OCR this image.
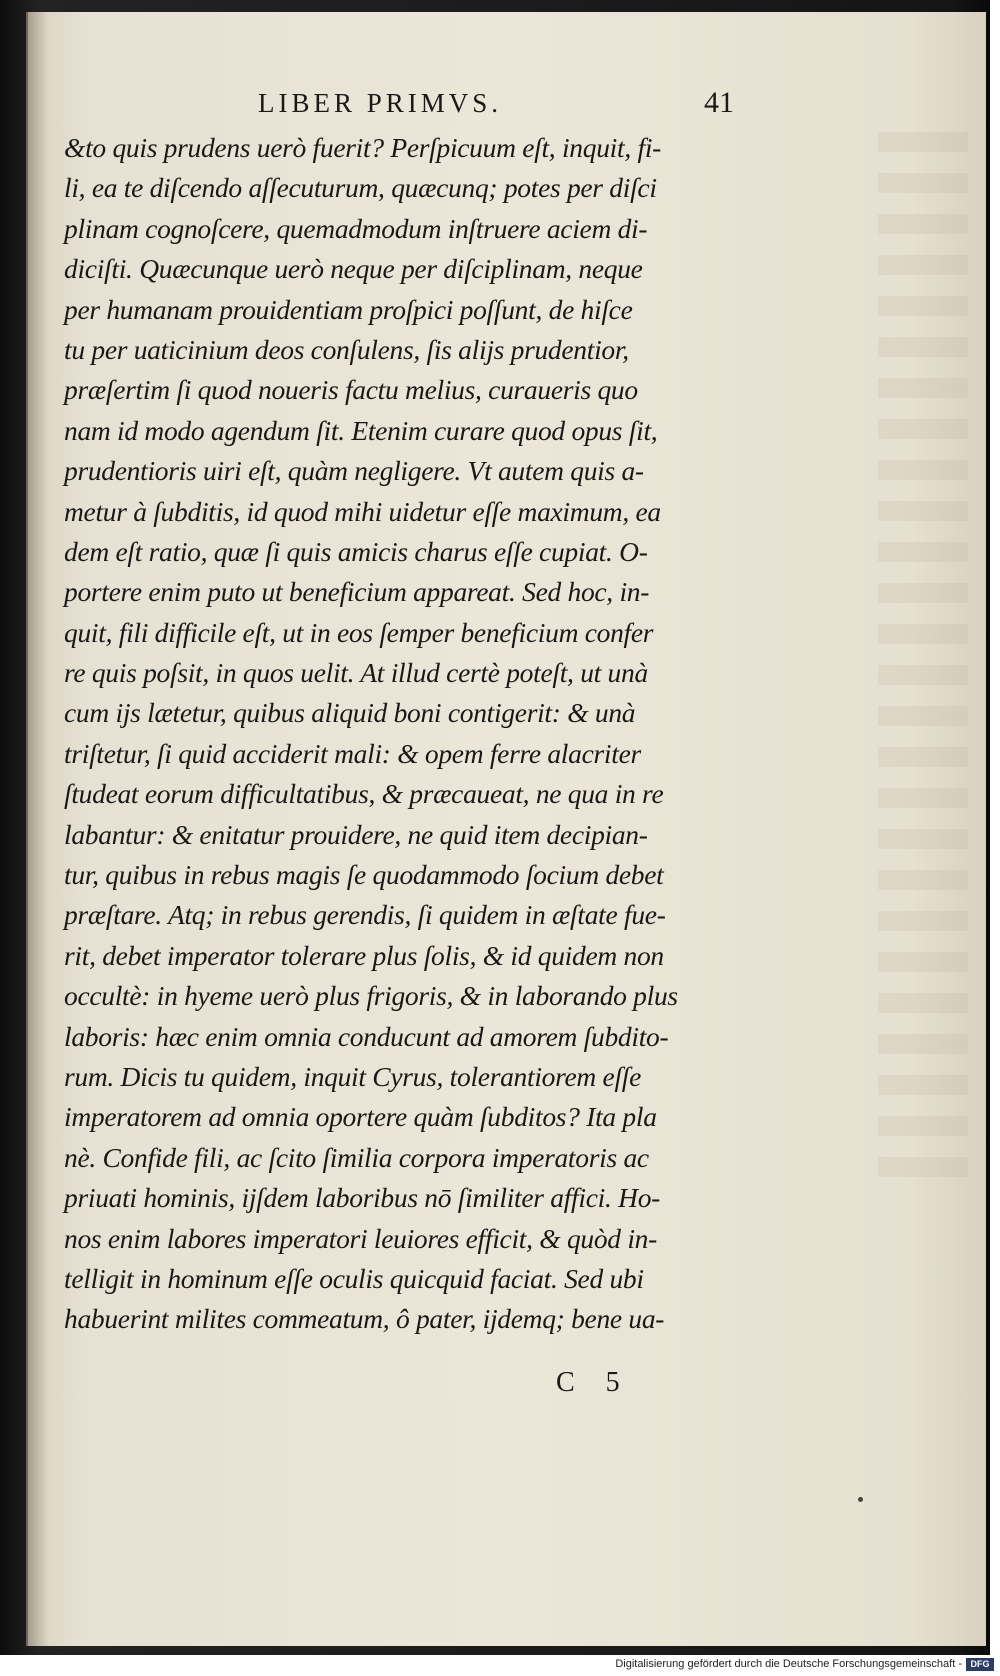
LIBER PRIMVS.	41
&to quis prudens uerò fuerit? Perſpicuum eſt, inquit, fi-
li, ea te diſcendo aſſecuturum, quæcunq; potes per diſci
plinam cognoſcere, quemadmodum inſtruere aciem di-
diciſti. Quæcunque uerò neque per diſciplinam, neque
per humanam prouidentiam proſpici poſſunt, de hiſce
tu per uaticinium deos conſulens, ſis alijs prudentior,
præſertim ſi quod noueris factu melius, curaueris quo
nam id modo agendum ſit. Etenim curare quod opus ſit,
prudentioris uiri eſt, quàm negligere. Vt autem quis a-
metur à ſubditis, id quod mihi uidetur eſſe maximum, ea
dem eſt ratio, quæ ſi quis amicis charus eſſe cupiat. O-
portere enim puto ut beneficium appareat. Sed hoc, in-
quit, fili difficile eſt, ut in eos ſemper beneficium confer
re quis poſsit, in quos uelit. At illud certè poteſt, ut unà
cum ijs lætetur, quibus aliquid boni contigerit: & unà
triſtetur, ſi quid acciderit mali: & opem ferre alacriter
ſtudeat eorum difficultatibus, & præcaueat, ne qua in re
labantur: & enitatur prouidere, ne quid item decipian-
tur, quibus in rebus magis ſe quodammodo ſocium debet
præſtare. Atq; in rebus gerendis, ſi quidem in æſtate fue-
rit, debet imperator tolerare plus ſolis, & id quidem non
occultè: in hyeme uerò plus frigoris, & in laborando plus
laboris: hæc enim omnia conducunt ad amorem ſubdito-
rum. Dicis tu quidem, inquit Cyrus, tolerantiorem eſſe
imperatorem ad omnia oportere quàm ſubditos? Ita pla
nè. Confide fili, ac ſcito ſimilia corpora imperatoris ac
priuati hominis, ijſdem laboribus nō ſimiliter affici. Ho-
nos enim labores imperatori leuiores efficit, & quòd in-
telligit in hominum eſſe oculis quicquid faciat. Sed ubi
habuerint milites commeatum, ô pater, ijdemq; bene ua-
C 5
Digitalisierung gefördert durch die Deutsche Forschungsgemeinschaft - DFG
